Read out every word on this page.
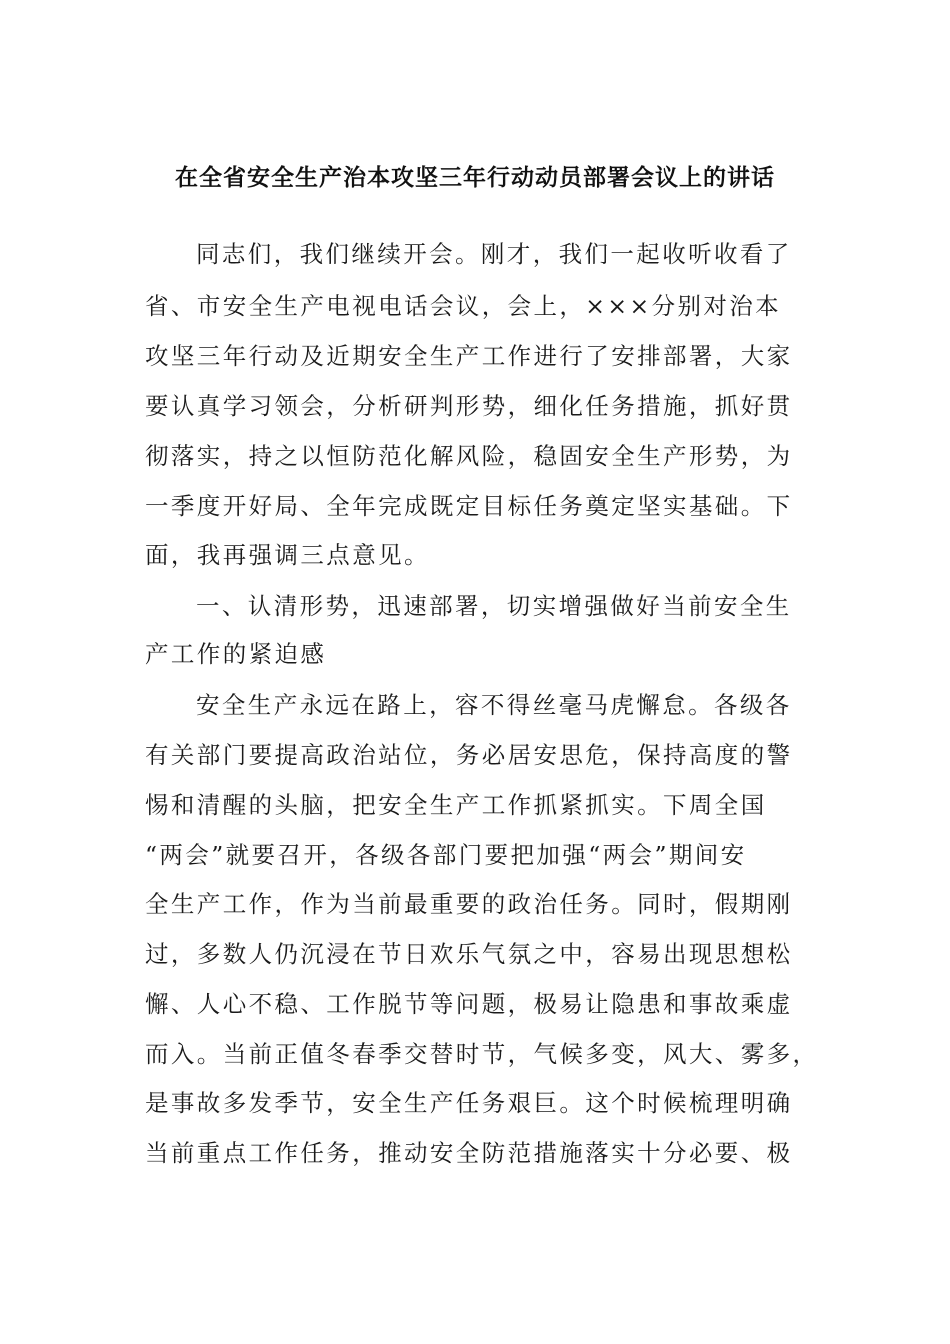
在全省安全生产治本攻坚三年行动动员部署会议上的讲话
同志们，我们继续开会。刚才，我们一起收听收看了
省、市安全生产电视电话会议，会上，×××分别对治本
攻坚三年行动及近期安全生产工作进行了安排部署，大家
要认真学习领会，分析研判形势，细化任务措施，抓好贯
彻落实，持之以恒防范化解风险，稳固安全生产形势，为
一季度开好局、全年完成既定目标任务奠定坚实基础。下
面，我再强调三点意见。
一、认清形势，迅速部署，切实增强做好当前安全生
产工作的紧迫感
安全生产永远在路上，容不得丝毫马虎懈怠。各级各
有关部门要提高政治站位，务必居安思危，保持高度的警
惕和清醒的头脑，把安全生产工作抓紧抓实。下周全国
“两会”就要召开，各级各部门要把加强“两会”期间安
全生产工作，作为当前最重要的政治任务。同时，假期刚
过，多数人仍沉浸在节日欢乐气氛之中，容易出现思想松
懈、人心不稳、工作脱节等问题，极易让隐患和事故乘虚
而入。当前正值冬春季交替时节，气候多变，风大、雾多，
是事故多发季节，安全生产任务艰巨。这个时候梳理明确
当前重点工作任务，推动安全防范措施落实十分必要、极
